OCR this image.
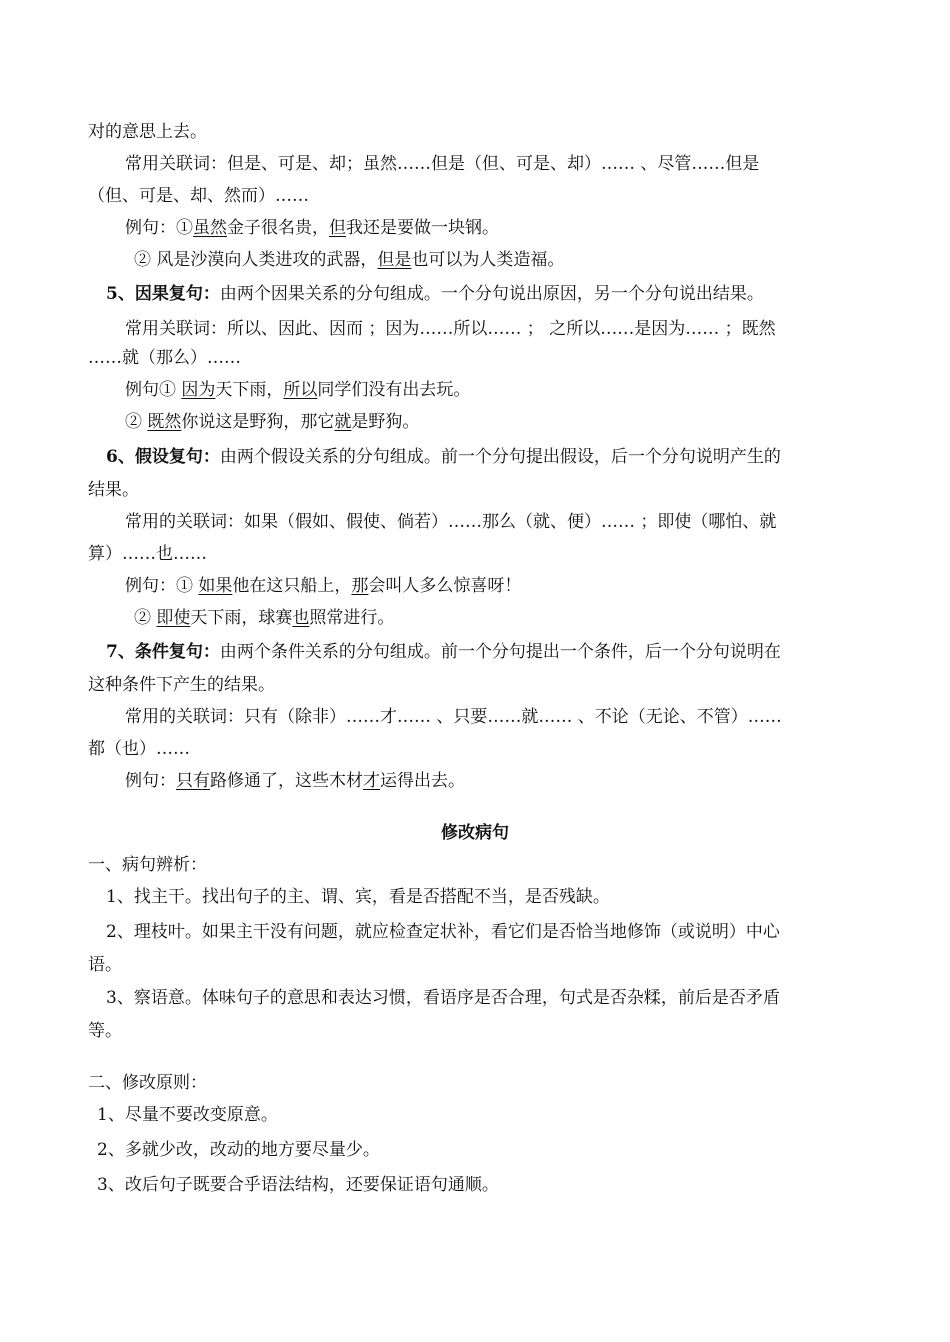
对的意思上去。
常用关联词：但是、可是、却；虽然……但是（但、可是、却）…… 、尽管……但是
（但、可是、却、然而）……
例句：①虽然金子很名贵，但我还是要做一块钢。
② 风是沙漠向人类进攻的武器，但是也可以为人类造福。
5、因果复句：由两个因果关系的分句组成。一个分句说出原因，另一个分句说出结果。
常用关联词：所以、因此、因而 ；因为……所以…… ； 之所以……是因为…… ；既然
……就（那么）……
例句① 因为天下雨，所以同学们没有出去玩。
② 既然你说这是野狗，那它就是野狗。
6、假设复句：由两个假设关系的分句组成。前一个分句提出假设，后一个分句说明产生的
结果。
常用的关联词：如果（假如、假使、倘若）……那么（就、便）…… ；即使（哪怕、就
算）……也……
例句：① 如果他在这只船上，那会叫人多么惊喜呀！
② 即使天下雨，球赛也照常进行。
7、条件复句：由两个条件关系的分句组成。前一个分句提出一个条件，后一个分句说明在
这种条件下产生的结果。
常用的关联词：只有（除非）……才…… 、只要……就…… 、不论（无论、不管）……
都（也）……
例句：只有路修通了，这些木材才运得出去。
修改病句
一、病句辨析：
1、找主干。找出句子的主、谓、宾，看是否搭配不当，是否残缺。
2、理枝叶。如果主干没有问题，就应检查定状补，看它们是否恰当地修饰（或说明）中心
语。
3、察语意。体味句子的意思和表达习惯，看语序是否合理，句式是否杂糅，前后是否矛盾
等。
二、修改原则：
1、尽量不要改变原意。
2、多就少改，改动的地方要尽量少。
3、改后句子既要合乎语法结构，还要保证语句通顺。
